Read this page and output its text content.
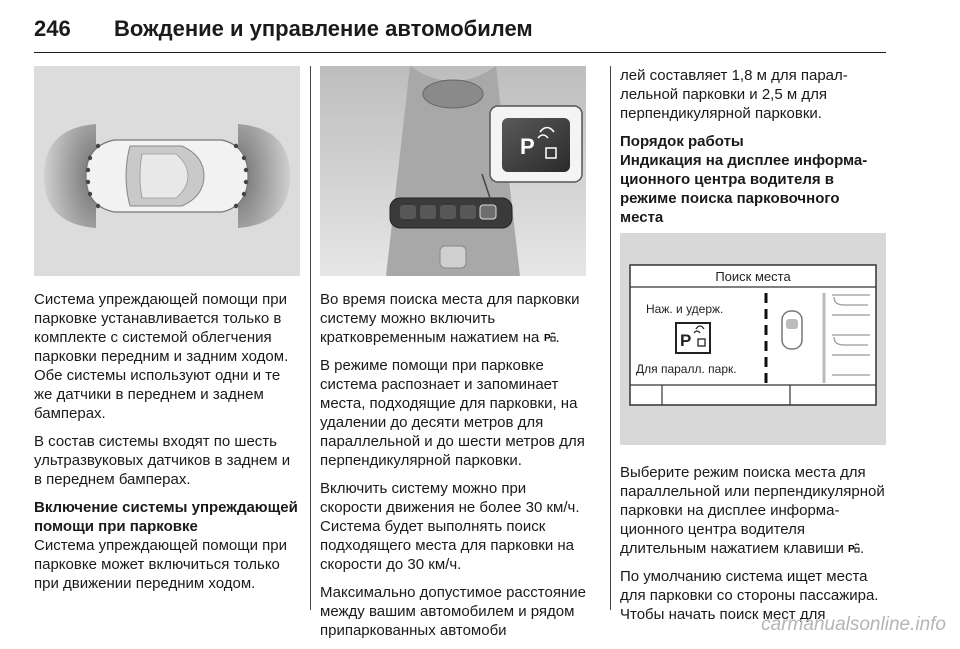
246 Вождение и управление автомобилем

Система упреждающей помощи при парковке устанавливается только в комплекте с системой облегчения парковки передним и задним ходом. Обе системы используют одни и те же датчики в переднем и заднем бамперах.

В состав системы входят по шесть ультразвуковых датчиков в заднем и в переднем бамперах.

Включение системы упреждающей помощи при парковке

Система упреждающей помощи при парковке может включиться только при движении передним ходом.

P

Во время поиска места для парковки систему можно включить кратковременным нажатием на P .

В режиме помощи при парковке система распознает и запоминает места, подходящие для парковки, на удалении до десяти метров для параллельной и до шести метров для перпендикулярной парковки.

Включить систему можно при скорости движения не более 30 км/ч. Система будет выполнять поиск подходящего места для парковки на скорости до 30 км/ч.

Максимально допустимое расстояние между вашим автомобилем и рядом припаркованных автомоби

лей составляет 1,8 м для параллельной парковки и 2,5 м для перпендикулярной парковки.

Порядок работы
Индикация на дисплее информационного центра водителя в режиме поиска парковочного места
Поиск места
Наж. и удерж.
P
Для паралл. парк.

Выберите режим поиска места для параллельной или перпендикулярной парковки на дисплее информационного центра водителя длительным нажатием клавиши P .

По умолчанию система ищет места для парковки со стороны пассажира. Чтобы начать поиск мест для

carmanualsonline.info
